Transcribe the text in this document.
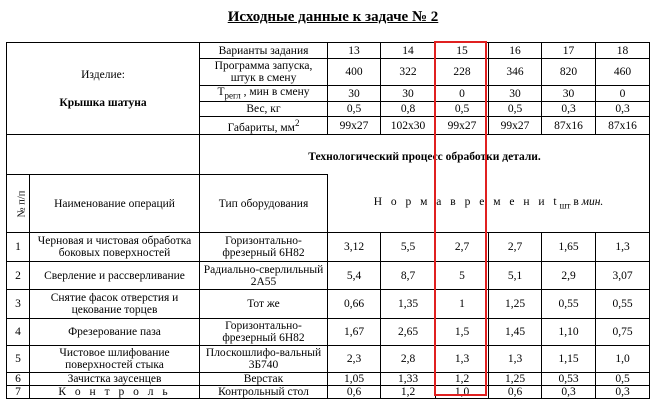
Исходные данные к задаче № 2
Изделие:
Крышка шатуна		Варианты задания	13	14	15	16	17	18
		Программа запуска, штук в смену	400	322	228	346	820	460
		$T_{регл}$ , мин в смену	30	30	0	30	30	0
		Вес, кг	0,5	0,8	0,5	0,5	0,3	0,3
		Габариты, $мм^2$	99x27	102x30	99x27	99x27	87x16	87x16
		Технологический процесс обработки детали.						
№ п/п	Наименование операций	Тип оборудования	Н о р м а в р е м е н и $t_{шт}$ в мин.					
1	Черновая и чистовая обработка боковых поверхностей	Горизонтально-фрезерный 6Н82	3,12	5,5	2,7	2,7	1,65	1,3
2	Сверление и рассверливание	Радиально-сверлильный 2А55	5,4	8,7	5	5,1	2,9	3,07
3	Снятие фасок отверстия и цекование торцев	Тот же	0,66	1,35	1	1,25	0,55	0,55
4	Фрезерование паза	Горизонтально-фрезерный 6Н82	1,67	2,65	1,5	1,45	1,10	0,75
5	Чистовое шлифование поверхностей стыка	Плоскошлифо-вальный 3Б740	2,3	2,8	1,3	1,3	1,15	1,0
6	Зачистка заусенцев	Верстак	1,05	1,33	1,2	1,25	0,53	0,5
7	К о н т р о л ь	Контрольный стол	0,6	1,2	1,0	0,6	0,3	0,3
